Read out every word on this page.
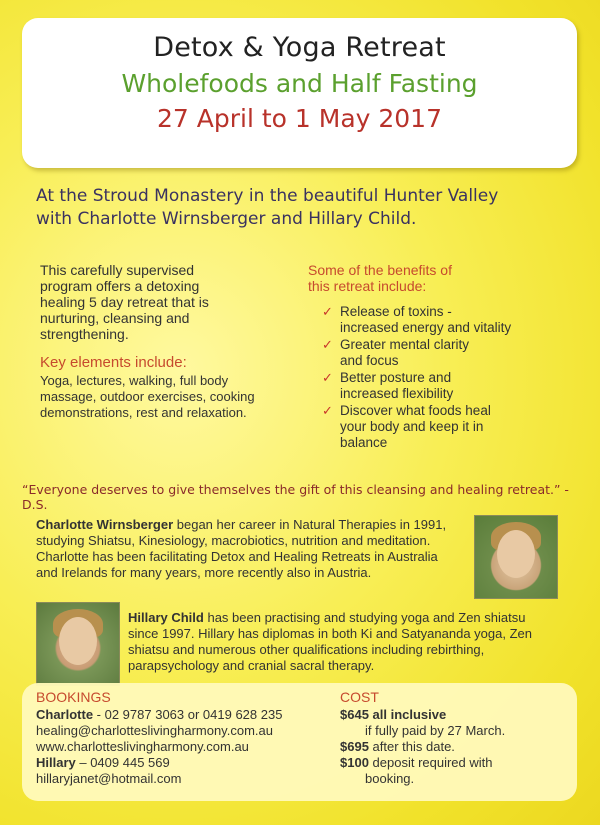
Detox & Yoga Retreat
Wholefoods and Half Fasting
27 April to 1 May 2017
At the Stroud Monastery in the beautiful Hunter Valley
with Charlotte Wirnsberger and Hillary Child.
This carefully supervised
program offers a detoxing
healing 5 day retreat that is
nurturing, cleansing and
strengthening.
Key elements include:
Yoga, lectures, walking, full body
massage, outdoor exercises, cooking
demonstrations, rest and relaxation.
Some of the benefits of
this retreat include:
✓ Release of toxins -
increased energy and vitality
✓ Greater mental clarity
and focus
✓ Better posture and
increased flexibility
✓ Discover what foods heal
your body and keep it in
balance
“Everyone deserves to give themselves the gift of this cleansing and healing retreat.” - D.S.
Charlotte Wirnsberger began her career in Natural Therapies in 1991,
studying Shiatsu, Kinesiology, macrobiotics, nutrition and meditation.
Charlotte has been facilitating Detox and Healing Retreats in Australia
and Irelands for many years, more recently also in Austria.
Hillary Child has been practising and studying yoga and Zen shiatsu
since 1997. Hillary has diplomas in both Ki and Satyananda yoga, Zen
shiatsu and numerous other qualifications including rebirthing,
parapsychology and cranial sacral therapy.
BOOKINGS
Charlotte - 02 9787 3063 or 0419 628 235
healing@charlotteslivingharmony.com.au
www.charlotteslivingharmony.com.au
Hillary – 0409 445 569
hillaryjanet@hotmail.com
COST
$645 all inclusive
if fully paid by 27 March.
$695 after this date.
$100 deposit required with
booking.
